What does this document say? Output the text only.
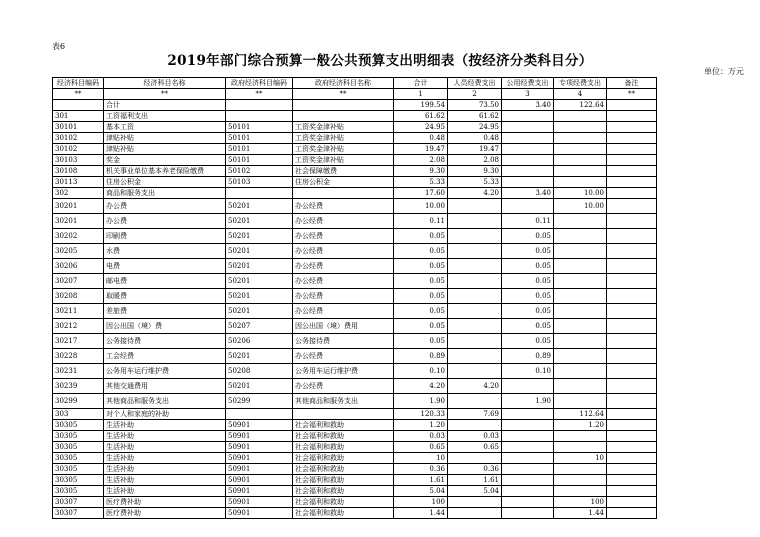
表6
2019年部门综合预算一般公共预算支出明细表（按经济分类科目分）
单位：万元
经济科目编码	经济科目名称	政府经济科目编码	政府经济科目名称	合计	人员经费支出	公用经费支出	专项经费支出	备注
**	**	**	**	1	2	3	4	**
	合计			199.54	73.50	3.40	122.64	
301	工资福利支出			61.62	61.62			
30101	基本工资	50101	工资奖金津补贴	24.95	24.95			
30102	津贴补贴	50101	工资奖金津补贴	0.48	0.48			
30102	津贴补贴	50101	工资奖金津补贴	19.47	19.47			
30103	奖金	50101	工资奖金津补贴	2.08	2.08			
30108	机关事业单位基本养老保险缴费	50102	社会保障缴费	9.30	9.30			
30113	住房公积金	50103	住房公积金	5.33	5.33			
302	商品和服务支出			17.60	4.20	3.40	10.00	
30201	办公费	50201	办公经费	10.00			10.00	
30201	办公费	50201	办公经费	0.11		0.11		
30202	印刷费	50201	办公经费	0.05		0.05		
30205	水费	50201	办公经费	0.05		0.05		
30206	电费	50201	办公经费	0.05		0.05		
30207	邮电费	50201	办公经费	0.05		0.05		
30208	取暖费	50201	办公经费	0.05		0.05		
30211	差旅费	50201	办公经费	0.05		0.05		
30212	因公出国（境）费	50207	因公出国（境）费用	0.05		0.05		
30217	公务接待费	50206	公务接待费	0.05		0.05		
30228	工会经费	50201	办公经费	0.89		0.89		
30231	公务用车运行维护费	50208	公务用车运行维护费	0.10		0.10		
30239	其他交通费用	50201	办公经费	4.20	4.20			
30299	其他商品和服务支出	50299	其他商品和服务支出	1.90		1.90		
303	对个人和家庭的补助			120.33	7.69		112.64	
30305	生活补助	50901	社会福利和救助	1.20			1.20	
30305	生活补助	50901	社会福利和救助	0.03	0.03			
30305	生活补助	50901	社会福利和救助	0.65	0.65			
30305	生活补助	50901	社会福利和救助	10			10	
30305	生活补助	50901	社会福利和救助	0.36	0.36			
30305	生活补助	50901	社会福利和救助	1.61	1.61			
30305	生活补助	50901	社会福利和救助	5.04	5.04			
30307	医疗费补助	50901	社会福利和救助	100			100	
30307	医疗费补助	50901	社会福利和救助	1.44			1.44	
